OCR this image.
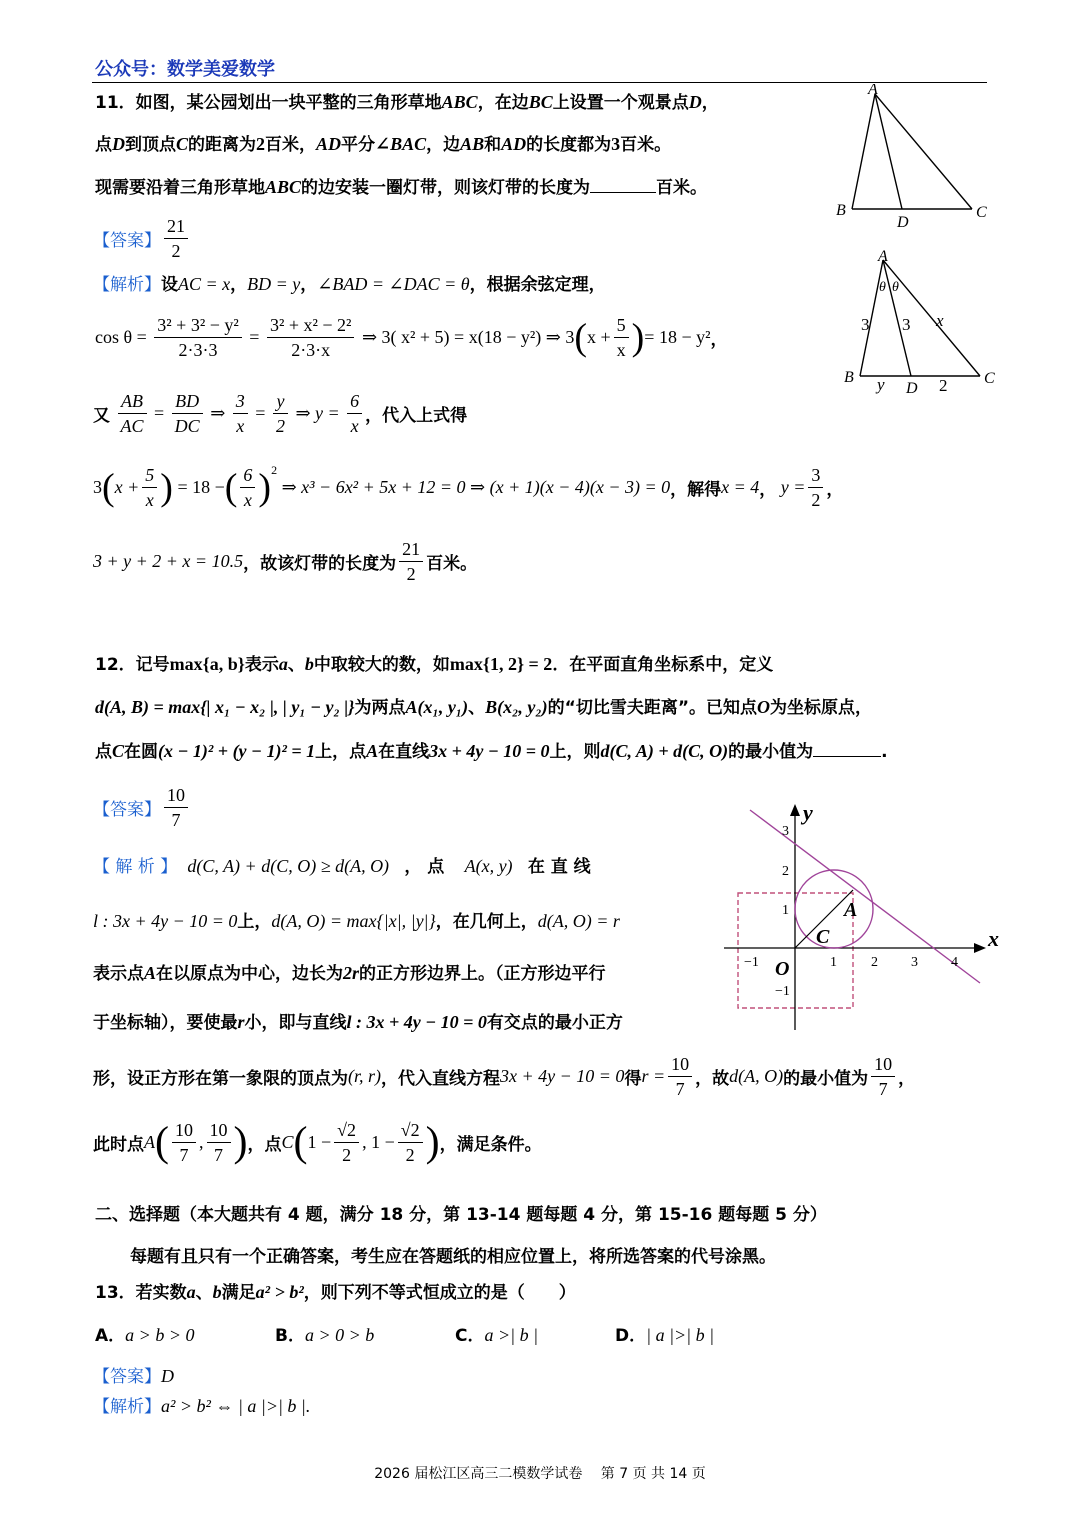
公众号：数学美爱数学
11．如图，某公园划出一块平整的三角形草地ABC，在边BC上设置一个观景点D，
点D到顶点C的距离为2百米，AD平分∠BAC，边AB和AD的长度都为3百米。
现需要沿着三角形草地ABC的边安装一圈灯带，则该灯带的长度为	百米。
A
B	C
D
【答案】 $\frac{21}{2}$
【解析】设AC = x，BD = y，∠BAD = ∠DAC = θ，根据余弦定理，
$\cos \theta = \frac{\text{3² + 3² − y²}}{2\cdot 3\cdot 3} = \frac{\text{3² + x² − 2²}}{2\cdot 3\cdot x}$ ⇒ 3( x² + 5) = x(18 − y²) ⇒ $3(x + \frac{5}{x}$ )= 18 − y²，
A
θ θ
3 3 x
B	C
D
y	2
又 $\frac{AB}{AC} = \frac{BD}{DC}$ ⇒ $\frac{3}{x} = \frac{y}{2}$ ⇒ $y = \frac{6}{x}$ ，代入上式得
$3(x + \frac{5}{x}$ ) = 18 −( $\frac{6}{x} )^2$ ⇒ x³ − 6x² + 5x + 12 = 0 ⇒ (x + 1)(x − 4)(x − 3) = 0，解得x = 4， $y = \frac{3}{2}$ ，
3 + y + 2 + x = 10.5，故该灯带的长度为 $\frac{21}{2}$ 百米。
12．记号max{a, b}表示a、b中取较大的数，如max{1, 2} = 2．在平面直角坐标系中，定义
d(A, B) = max{| x₁ − x₂ |, | y₁ − y₂ |}为两点A(x₁, y₁)、B(x₂, y₂)的“切比雪夫距离”。已知点O为坐标原点，
点C在圆(x − 1)² + (y − 1)² = 1上，点A在直线3x + 4y − 10 = 0上，则d(C, A) + d(C, O)的最小值为	.
【答案】 $\frac{10}{7}$
【 解 析 】 d(C, A) + d(C, O) ≥ d(A, O) ， 点 A(x, y) 在 直 线
l : 3x + 4y − 10 = 0上，d(A, O) = max{|x|, |y|}，在几何上，d(A, O) = r
表示点A在以原点为中心，边长为2r的正方形边界上。（正方形边平行
于坐标轴），要使最r小，即与直线l : 3x + 4y − 10 = 0有交点的最小正方
x
y
O
A
C
−1	1 2 3 4
3
2
1
−1
形，设正方形在第一象限的顶点为(r, r)，代入直线方程3x + 4y − 10 = 0得$r = \frac{10}{7}$ ，故d(A, O)的最小值为 $\frac{10}{7}$ ，
此时点$A( \frac{10}{7}$ , $\frac{10}{7}$ )，点$C(1 - \frac{√2}{2}$ , $1 - \frac{√2}{2}$ )，满足条件。
二、选择题（本大题共有 4 题，满分 18 分，第 13-14 题每题 4 分，第 15-16 题每题 5 分）
每题有且只有一个正确答案，考生应在答题纸的相应位置上，将所选答案的代号涂黑。
13．若实数a、b满足a² > b²，则下列不等式恒成立的是（　　）
A．a > b > 0	B．a > 0 > b	C．a >| b |	D．| a |>| b |
【答案】D
【解析】a² > b² ⇔ | a |>| b |.
2026 届松江区高三二模数学试卷　 第 7 页 共 14 页
